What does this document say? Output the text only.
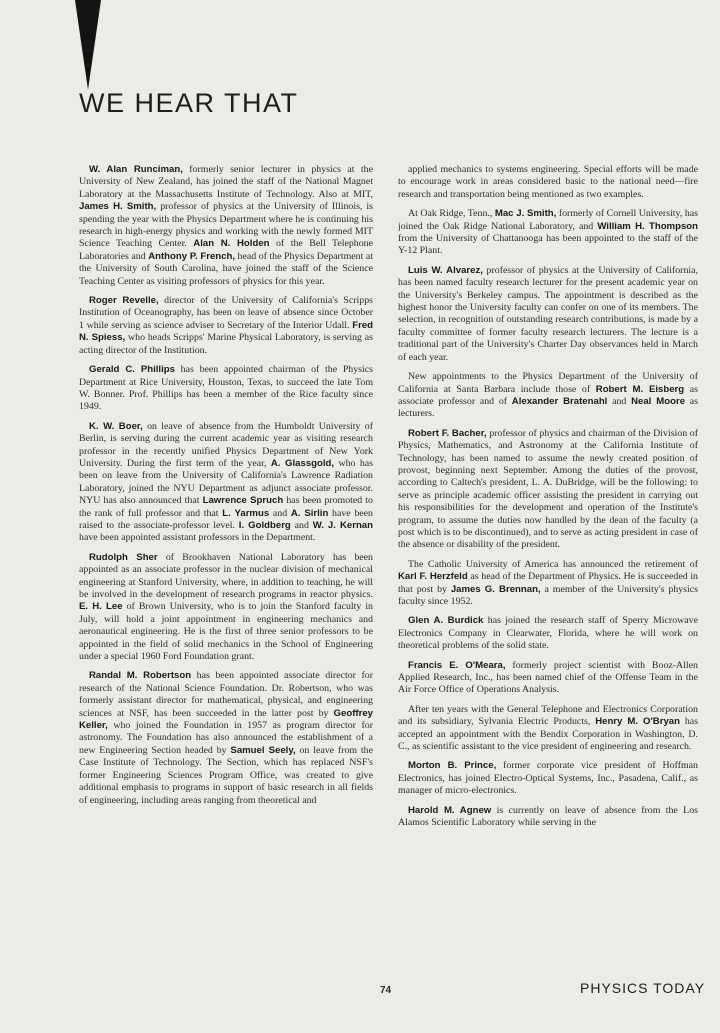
WE HEAR THAT

W. Alan Runciman, formerly senior lecturer in physics at the University of New Zealand, has joined the staff of the National Magnet Laboratory at the Massachusetts Institute of Technology. Also at MIT, James H. Smith, professor of physics at the University of Illinois, is spending the year with the Physics Department where he is continuing his research in high-energy physics and working with the newly formed MIT Science Teaching Center. Alan N. Holden of the Bell Telephone Laboratories and Anthony P. French, head of the Physics Department at the University of South Carolina, have joined the staff of the Science Teaching Center as visiting professors of physics for this year.

Roger Revelle, director of the University of California's Scripps Institution of Oceanography, has been on leave of absence since October 1 while serving as science adviser to Secretary of the Interior Udall. Fred N. Spiess, who heads Scripps' Marine Physical Laboratory, is serving as acting director of the Institution.

Gerald C. Phillips has been appointed chairman of the Physics Department at Rice University, Houston, Texas, to succeed the late Tom W. Bonner. Prof. Phillips has been a member of the Rice faculty since 1949.

K. W. Boer, on leave of absence from the Humboldt University of Berlin, is serving during the current academic year as visiting research professor in the recently unified Physics Department of New York University. During the first term of the year, A. Glassgold, who has been on leave from the University of California's Lawrence Radiation Laboratory, joined the NYU Department as adjunct associate professor. NYU has also announced that Lawrence Spruch has been promoted to the rank of full professor and that L. Yarmus and A. Sirlin have been raised to the associate-professor level. I. Goldberg and W. J. Kernan have been appointed assistant professors in the Department.

Rudolph Sher of Brookhaven National Laboratory has been appointed as an associate professor in the nuclear division of mechanical engineering at Stanford University, where, in addition to teaching, he will be involved in the development of research programs in reactor physics. E. H. Lee of Brown University, who is to join the Stanford faculty in July, will hold a joint appointment in engineering mechanics and aeronautical engineering. He is the first of three senior professors to be appointed in the field of solid mechanics in the School of Engineering under a special 1960 Ford Foundation grant.

Randal M. Robertson has been appointed associate director for research of the National Science Foundation. Dr. Robertson, who was formerly assistant director for mathematical, physical, and engineering sciences at NSF, has been succeeded in the latter post by Geoffrey Keller, who joined the Foundation in 1957 as program director for astronomy. The Foundation has also announced the establishment of a new Engineering Section headed by Samuel Seely, on leave from the Case Institute of Technology. The Section, which has replaced NSF's former Engineering Sciences Program Office, was created to give additional emphasis to programs in support of basic research in all fields of engineering, including areas ranging from theoretical and

applied mechanics to systems engineering. Special efforts will be made to encourage work in areas considered basic to the national need—fire research and transportation being mentioned as two examples.

At Oak Ridge, Tenn., Mac J. Smith, formerly of Cornell University, has joined the Oak Ridge National Laboratory, and William H. Thompson from the University of Chattanooga has been appointed to the staff of the Y-12 Plant.

Luis W. Alvarez, professor of physics at the University of California, has been named faculty research lecturer for the present academic year on the University's Berkeley campus. The appointment is described as the highest honor the University faculty can confer on one of its members. The selection, in recognition of outstanding research contributions, is made by a faculty committee of former faculty research lecturers. The lecture is a traditional part of the University's Charter Day observances held in March of each year.

New appointments to the Physics Department of the University of California at Santa Barbara include those of Robert M. Eisberg as associate professor and of Alexander Bratenahl and Neal Moore as lecturers.

Robert F. Bacher, professor of physics and chairman of the Division of Physics, Mathematics, and Astronomy at the California Institute of Technology, has been named to assume the newly created position of provost, beginning next September. Among the duties of the provost, according to Caltech's president, L. A. DuBridge, will be the following: to serve as principle academic officer assisting the president in carrying out his responsibilities for the development and operation of the Institute's program, to assume the duties now handled by the dean of the faculty (a post which is to be discontinued), and to serve as acting president in case of the absence or disability of the president.

The Catholic University of America has announced the retirement of Karl F. Herzfeld as head of the Department of Physics. He is succeeded in that post by James G. Brennan, a member of the University's physics faculty since 1952.

Glen A. Burdick has joined the research staff of Sperry Microwave Electronics Company in Clearwater, Florida, where he will work on theoretical problems of the solid state.

Francis E. O'Meara, formerly project scientist with Booz-Allen Applied Research, Inc., has been named chief of the Offense Team in the Air Force Office of Operations Analysis.

After ten years with the General Telephone and Electronics Corporation and its subsidiary, Sylvania Electric Products, Henry M. O'Bryan has accepted an appointment with the Bendix Corporation in Washington, D. C., as scientific assistant to the vice president of engineering and research.

Morton B. Prince, former corporate vice president of Hoffman Electronics, has joined Electro-Optical Systems, Inc., Pasadena, Calif., as manager of micro-electronics.

Harold M. Agnew is currently on leave of absence from the Los Alamos Scientific Laboratory while serving in the

74	PHYSICS TODAY
